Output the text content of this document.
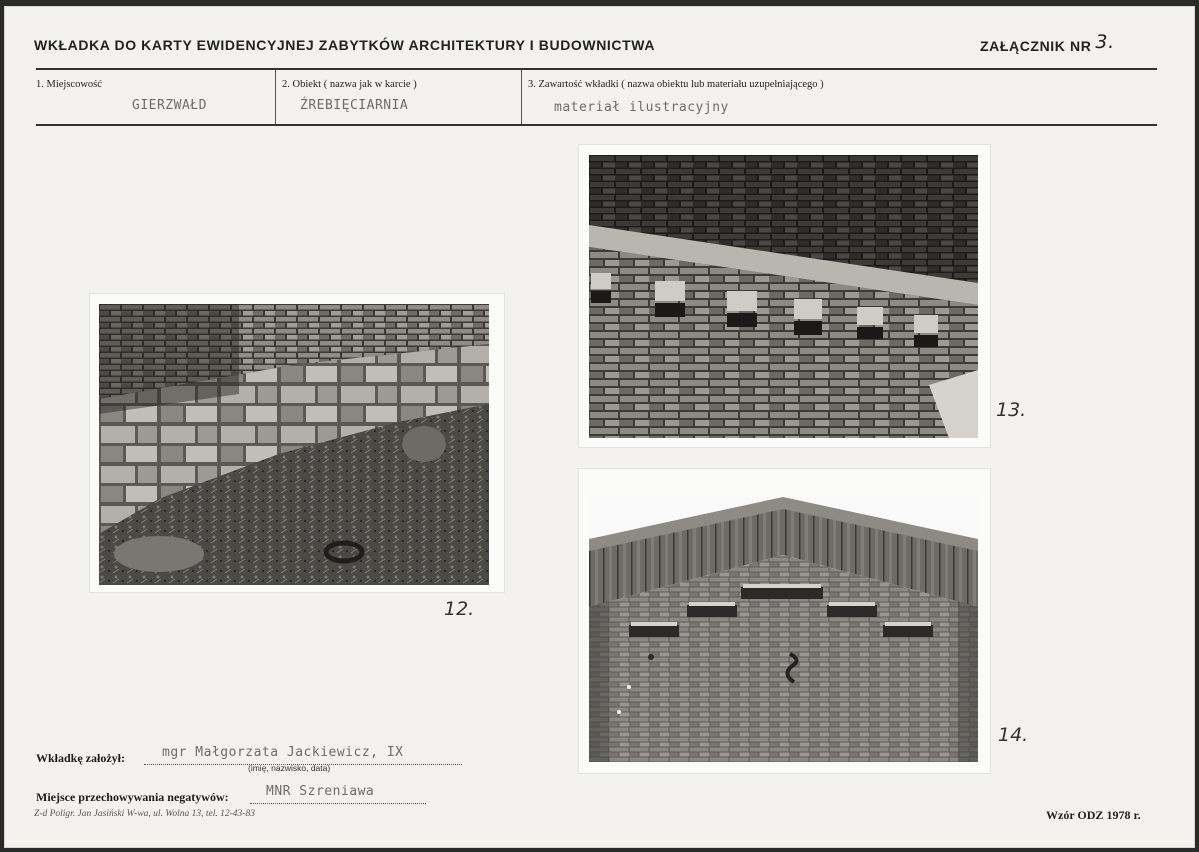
WKŁADKA DO KARTY EWIDENCYJNEJ ZABYTKÓW ARCHITEKTURY I BUDOWNICTWA	ZAŁĄCZNIK NR 3.
1. Miejscowość
GIERZWAŁD
2. Obiekt ( nazwa jak w karcie )
ŹREBIĘCIARNIA
3. Zawartość wkładki ( nazwa obiektu lub materiału uzupełniającego )
materiał ilustracyjny
12.
13.
14.
Wkładkę założył:	mgr Małgorzata Jackiewicz, IX
(imię, nazwisko, data)
Miejsce przechowywania negatywów:	MNR Szreniawa
Z-d Poligr. Jan Jasiński W-wa, ul. Wolna 13, tel. 12-43-83	Wzór ODZ 1978 r.
